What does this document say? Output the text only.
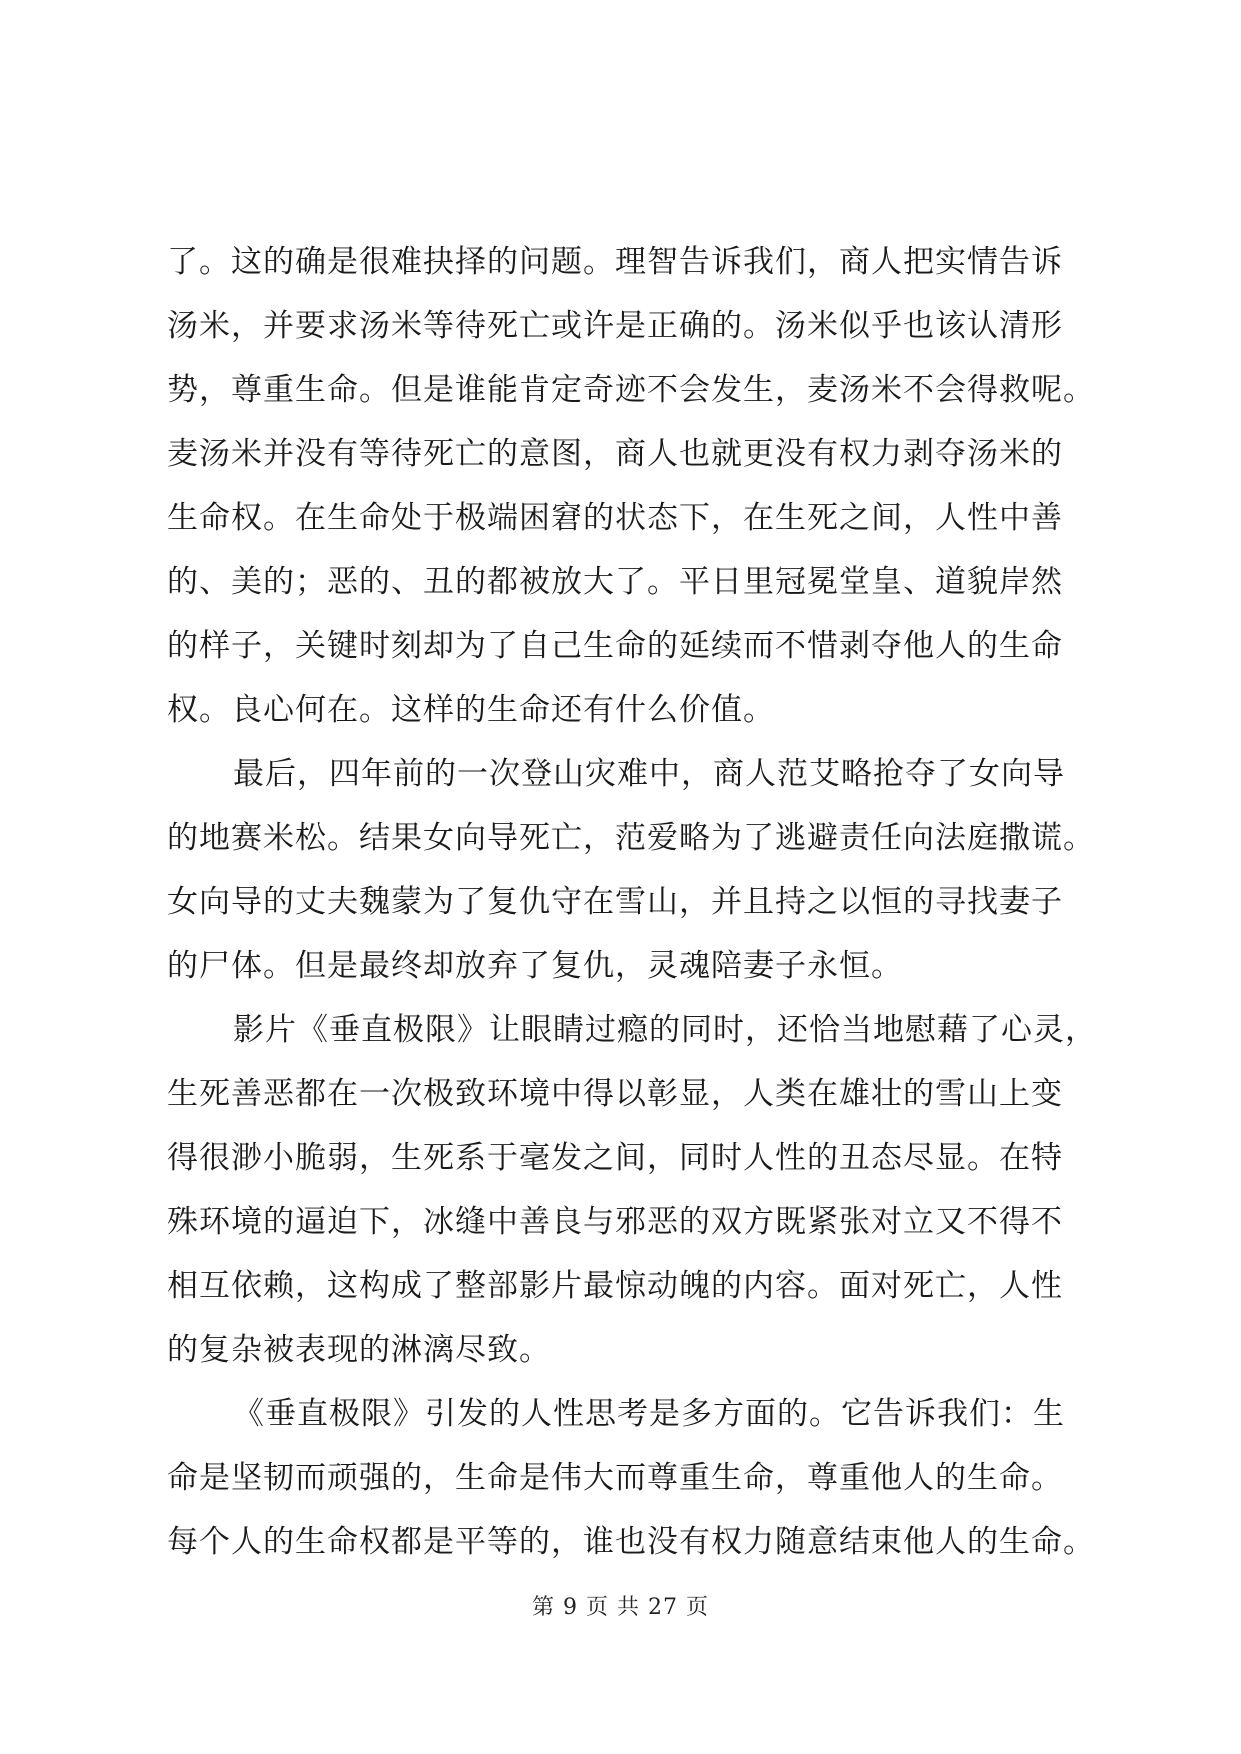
了。这的确是很难抉择的问题。理智告诉我们，商人把实情告诉
汤米，并要求汤米等待死亡或许是正确的。汤米似乎也该认清形
势，尊重生命。但是谁能肯定奇迹不会发生，麦汤米不会得救呢。
麦汤米并没有等待死亡的意图，商人也就更没有权力剥夺汤米的
生命权。在生命处于极端困窘的状态下，在生死之间，人性中善
的、美的；恶的、丑的都被放大了。平日里冠冕堂皇、道貌岸然
的样子，关键时刻却为了自己生命的延续而不惜剥夺他人的生命
权。良心何在。这样的生命还有什么价值。
最后，四年前的一次登山灾难中，商人范艾略抢夺了女向导
的地赛米松。结果女向导死亡，范爱略为了逃避责任向法庭撒谎。
女向导的丈夫魏蒙为了复仇守在雪山，并且持之以恒的寻找妻子
的尸体。但是最终却放弃了复仇，灵魂陪妻子永恒。
影片《垂直极限》让眼睛过瘾的同时，还恰当地慰藉了心灵，
生死善恶都在一次极致环境中得以彰显，人类在雄壮的雪山上变
得很渺小脆弱，生死系于毫发之间，同时人性的丑态尽显。在特
殊环境的逼迫下，冰缝中善良与邪恶的双方既紧张对立又不得不
相互依赖，这构成了整部影片最惊动魄的内容。面对死亡，人性
的复杂被表现的淋漓尽致。
《垂直极限》引发的人性思考是多方面的。它告诉我们：生
命是坚韧而顽强的，生命是伟大而尊重生命，尊重他人的生命。
每个人的生命权都是平等的，谁也没有权力随意结束他人的生命。
第 9 页 共 27 页
